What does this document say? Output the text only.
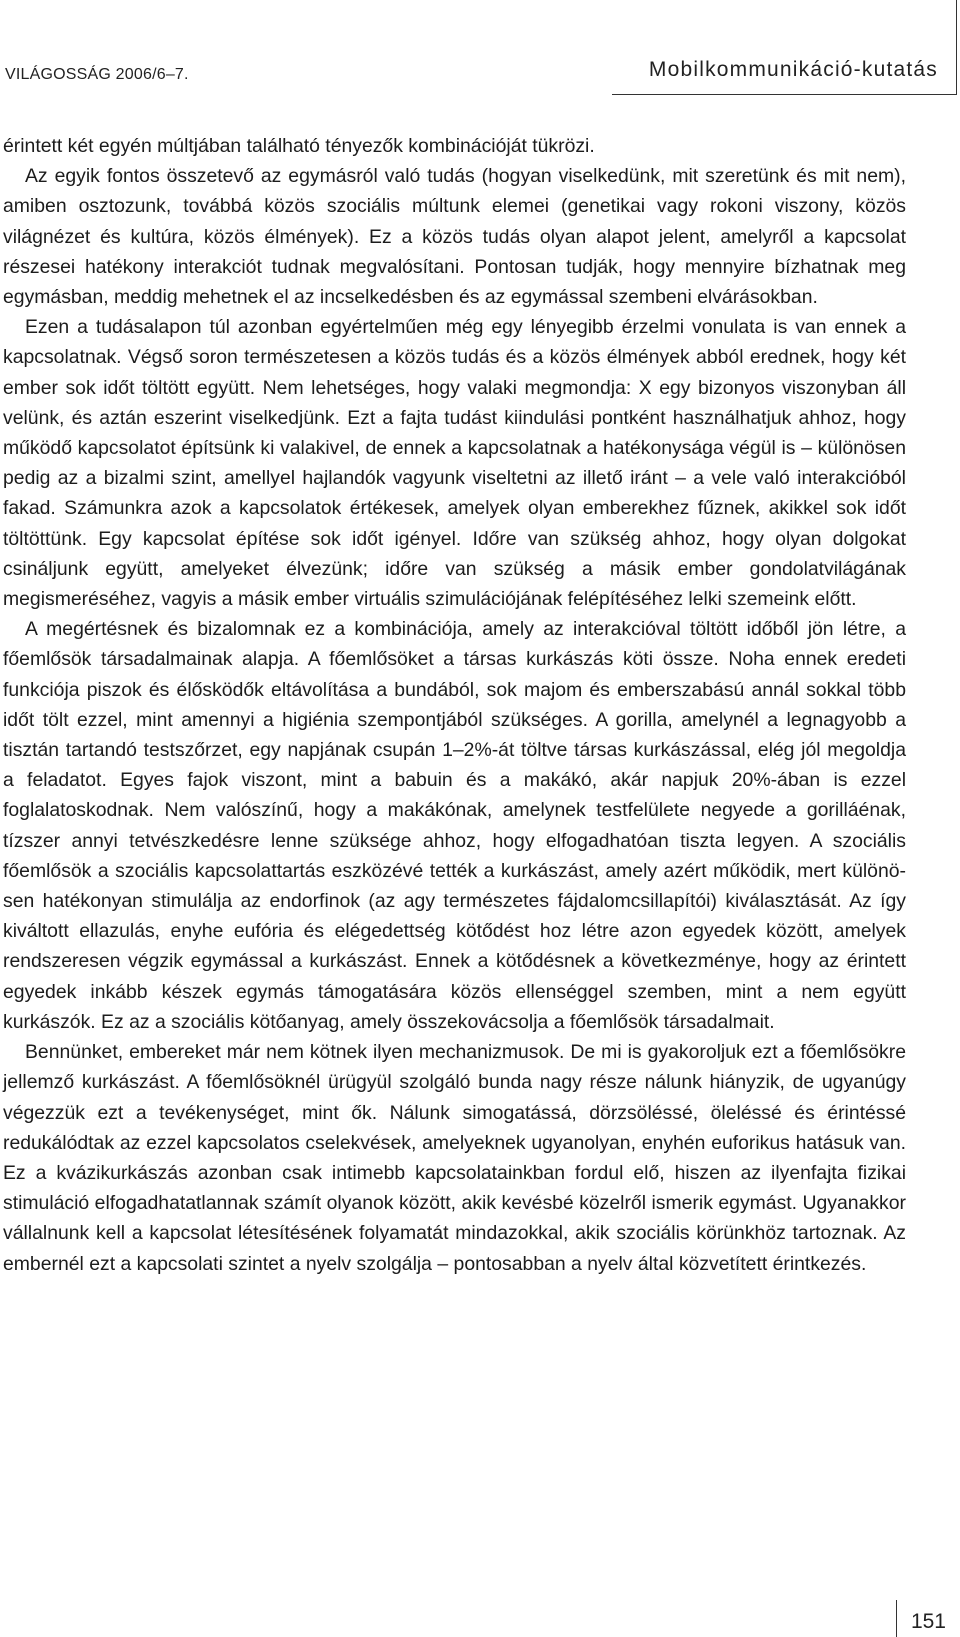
VILÁGOSSÁG 2006/6–7.	Mobilkommunikáció-kutatás

érintett két egyén múltjában található tényezők kombinációját tükrözi.

Az egyik fontos összetevő az egymásról való tudás (hogyan viselkedünk, mit szeretünk és mit nem), amiben osztozunk, továbbá közös szociális múltunk elemei (genetikai vagy rokoni viszony, közös világnézet és kultúra, közös élmények). Ez a közös tudás olyan alapot jelent, amelyről a kapcsolat részesei hatékony interakciót tudnak megvalósítani. Pontosan tudják, hogy mennyire bízhatnak meg egymásban, meddig mehetnek el az incselkedésben és az egymással szembeni elvárásokban.

Ezen a tudásalapon túl azonban egyértelműen még egy lényegibb érzelmi vonulata is van ennek a kapcsolatnak. Végső soron természetesen a közös tudás és a közös élmények abból erednek, hogy két ember sok időt töltött együtt. Nem lehetséges, hogy valaki megmondja: X egy bizonyos viszonyban áll velünk, és aztán eszerint viselkedjünk. Ezt a fajta tudást kiindulási pontként használhatjuk ahhoz, hogy működő kapcsolatot építsünk ki valakivel, de ennek a kapcsolatnak a hatékonysága végül is – különösen pedig az a bizalmi szint, amellyel hajlandók vagyunk viseltetni az illető iránt – a vele való interakcióból fakad. Számunkra azok a kapcsolatok értékesek, amelyek olyan emberekhez fűznek, akikkel sok időt töltöttünk. Egy kapcsolat építése sok időt igényel. Időre van szükség ahhoz, hogy olyan dolgokat csináljunk együtt, amelyeket élvezünk; időre van szükség a másik ember gondolatvilágának megismeréséhez, vagyis a másik ember virtuális szimulációjának felépítéséhez lelki szemeink előtt.

A megértésnek és bizalomnak ez a kombinációja, amely az interakcióval töltött időből jön létre, a főemlősök társadalmainak alapja. A főemlősöket a társas kurkászás köti össze. Noha ennek eredeti funkciója piszok és élősködők eltávolítása a bundából, sok majom és emberszabású annál sokkal több időt tölt ezzel, mint amennyi a higiénia szempontjából szükséges. A gorilla, amelynél a legnagyobb a tisztán tartandó testszőrzet, egy napjának csupán 1–2%-át töltve társas kurkászással, elég jól megoldja a feladatot. Egyes fajok viszont, mint a babuin és a makákó, akár napjuk 20%-ában is ezzel foglalatoskodnak. Nem valószínű, hogy a makákónak, amelynek testfelülete negyede a gorilláénak, tízszer annyi tetvészkedésre lenne szüksége ahhoz, hogy elfogadhatóan tiszta legyen. A szociális főemlősök a szociális kapcsolattartás eszközévé tették a kurkászást, amely azért működik, mert különösen hatékonyan stimulálja az endorfinok (az agy természetes fájdalomcsillapítói) kiválasztását. Az így kiváltott ellazulás, enyhe eufória és elégedettség kötődést hoz létre azon egyedek között, amelyek rendszeresen végzik egymással a kurkászást. Ennek a kötődésnek a következménye, hogy az érintett egyedek inkább készek egymás támogatására közös ellenséggel szemben, mint a nem együtt kurkászók. Ez az a szociális kötőanyag, amely összekovácsolja a főemlősök társadalmait.

Bennünket, embereket már nem kötnek ilyen mechanizmusok. De mi is gyakoroljuk ezt a főemlősökre jellemző kurkászást. A főemlősöknél ürügyül szolgáló bunda nagy része nálunk hiányzik, de ugyanúgy végezzük ezt a tevékenységet, mint ők. Nálunk simogatássá, dörzsöléssé, öleléssé és érintéssé redukálódtak az ezzel kapcsolatos cselekvések, amelyeknek ugyanolyan, enyhén euforikus hatásuk van. Ez a kvázikurkászás azonban csak intimebb kapcsolatainkban fordul elő, hiszen az ilyenfajta fizikai stimuláció elfogadhatatlannak számít olyanok között, akik kevésbé közelről ismerik egymást. Ugyanakkor vállalnunk kell a kapcsolat létesítésének folyamatát mindazokkal, akik szociális körünkhöz tartoznak. Az embernél ezt a kapcsolati szintet a nyelv szolgálja – pontosabban a nyelv által közvetített érintkezés.

151
